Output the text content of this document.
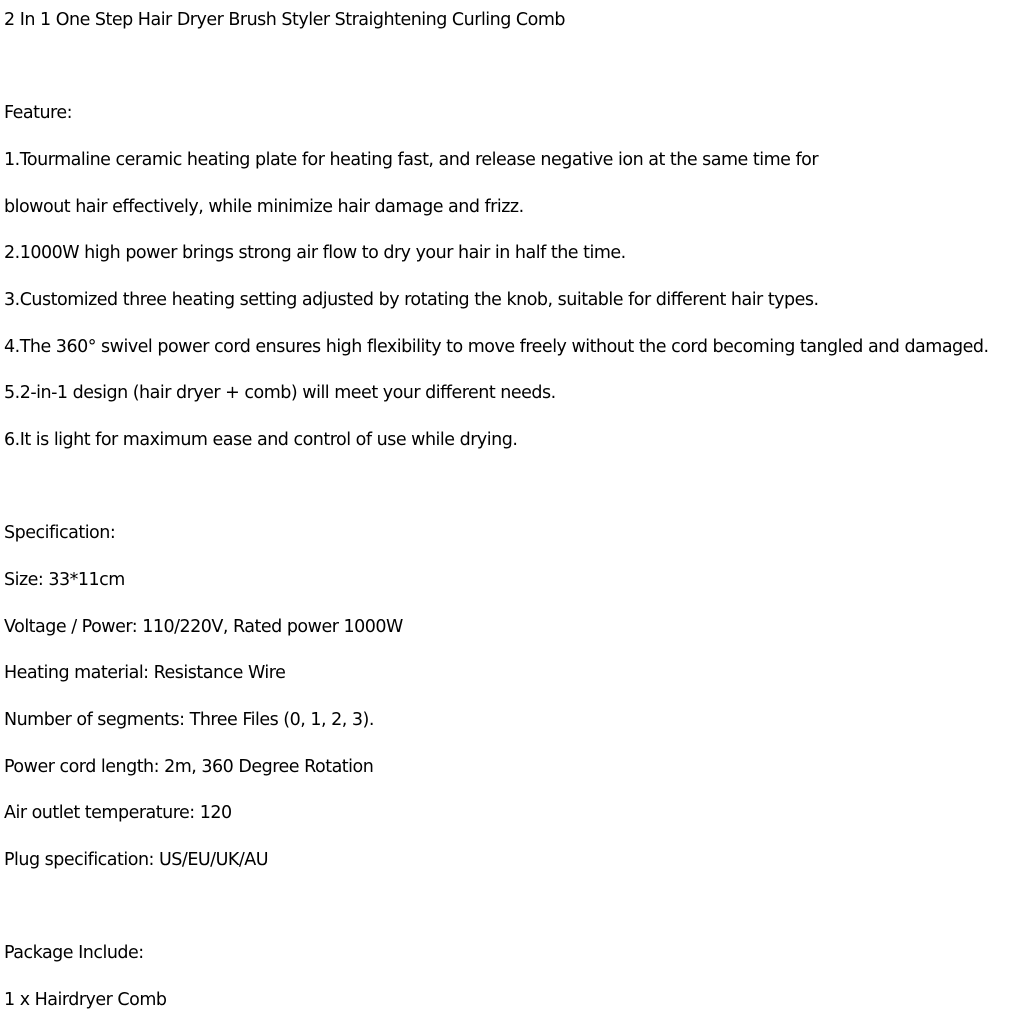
2 In 1 One Step Hair Dryer Brush Styler Straightening Curling Comb
Feature:
1.Tourmaline ceramic heating plate for heating fast, and release negative ion at the same time for
blowout hair effectively, while minimize hair damage and frizz.
2.1000W high power brings strong air flow to dry your hair in half the time.
3.Customized three heating setting adjusted by rotating the knob, suitable for different hair types.
4.The 360° swivel power cord ensures high flexibility to move freely without the cord becoming tangled and damaged.
5.2-in-1 design (hair dryer + comb) will meet your different needs.
6.It is light for maximum ease and control of use while drying.
Specification:
Size: 33*11cm
Voltage / Power: 110/220V, Rated power 1000W
Heating material: Resistance Wire
Number of segments: Three Files (0, 1, 2, 3).
Power cord length: 2m, 360 Degree Rotation
Air outlet temperature: 120
Plug specification: US/EU/UK/AU
Package Include:
1 x Hairdryer Comb
